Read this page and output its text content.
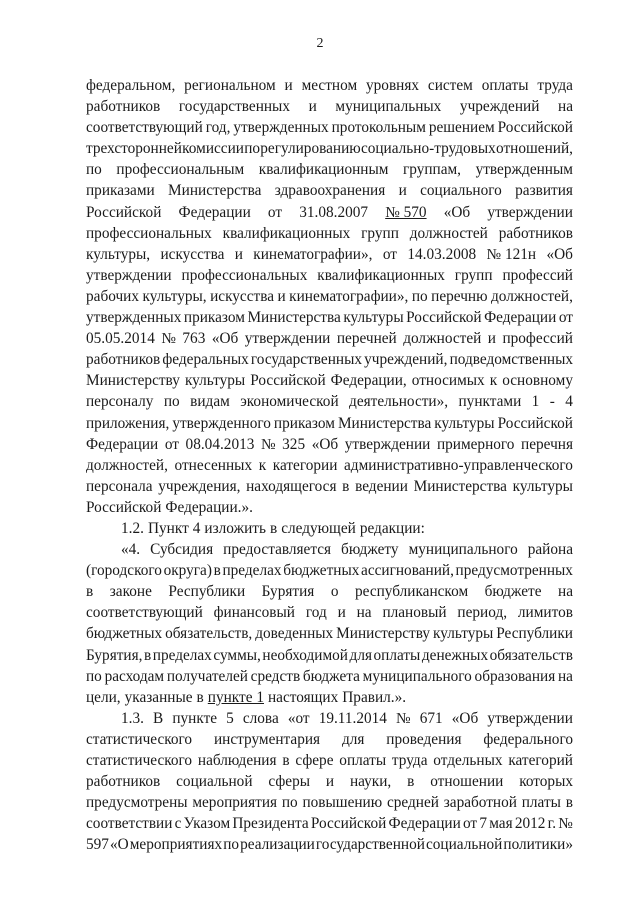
2
федеральном, региональном и местном уровнях систем оплаты труда
работников государственных и муниципальных учреждений на
соответствующий год, утвержденных протокольным решением Российской
трехсторонней комиссии по регулированию социально-трудовых отношений,
по профессиональным квалификационным группам, утвержденным
приказами Министерства здравоохранения и социального развития
Российской Федерации от 31.08.2007 № 570 «Об утверждении
профессиональных квалификационных групп должностей работников
культуры, искусства и кинематографии», от 14.03.2008 № 121н «Об
утверждении профессиональных квалификационных групп профессий
рабочих культуры, искусства и кинематографии», по перечню должностей,
утвержденных приказом Министерства культуры Российской Федерации от
05.05.2014 № 763 «Об утверждении перечней должностей и профессий
работников федеральных государственных учреждений, подведомственных
Министерству культуры Российской Федерации, относимых к основному
персоналу по видам экономической деятельности», пунктами 1 - 4
приложения, утвержденного приказом Министерства культуры Российской
Федерации от 08.04.2013 № 325 «Об утверждении примерного перечня
должностей, отнесенных к категории административно-управленческого
персонала учреждения, находящегося в ведении Министерства культуры
Российской Федерации.».
1.2. Пункт 4 изложить в следующей редакции:
«4. Субсидия предоставляется бюджету муниципального района
(городского округа) в пределах бюджетных ассигнований, предусмотренных
в законе Республики Бурятия о республиканском бюджете на
соответствующий финансовый год и на плановый период, лимитов
бюджетных обязательств, доведенных Министерству культуры Республики
Бурятия, в пределах суммы, необходимой для оплаты денежных обязательств
по расходам получателей средств бюджета муниципального образования на
цели, указанные в пункте 1 настоящих Правил.».
1.3. В пункте 5 слова «от 19.11.2014 № 671 «Об утверждении
статистического инструментария для проведения федерального
статистического наблюдения в сфере оплаты труда отдельных категорий
работников социальной сферы и науки, в отношении которых
предусмотрены мероприятия по повышению средней заработной платы в
соответствии с Указом Президента Российской Федерации от 7 мая 2012 г. №
597 «О мероприятиях по реализации государственной социальной политики»
